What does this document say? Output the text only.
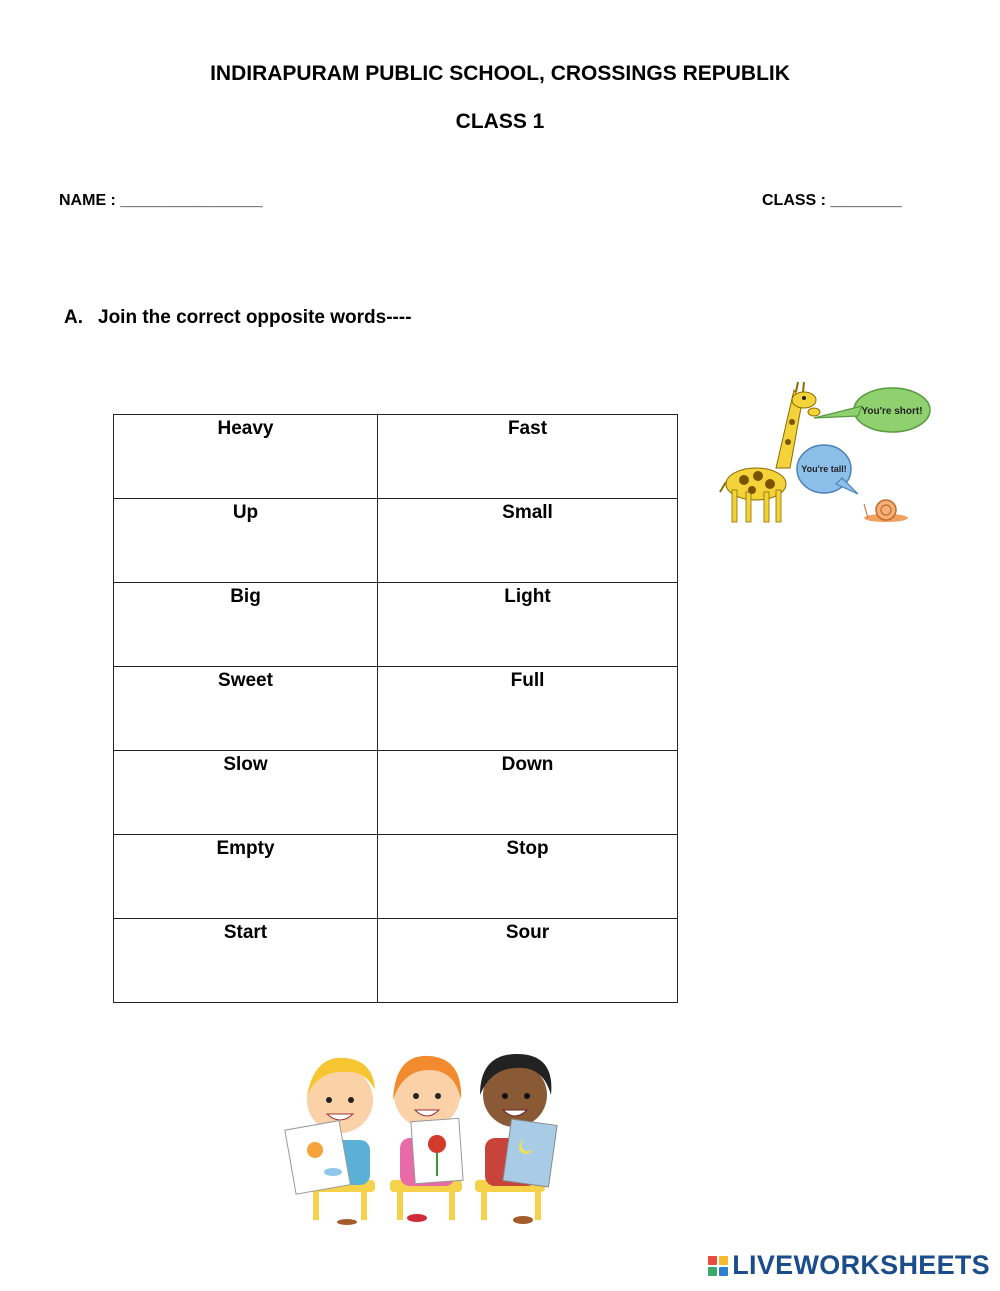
INDIRAPURAM PUBLIC SCHOOL, CROSSINGS REPUBLIK
CLASS 1
NAME : ________________	CLASS : ________
A. Join the correct opposite words----
Heavy	Fast

Up	Small

Big	Light

Sweet	Full

Slow	Down

Empty	Stop

Start	Sour
You're short!
You're tall!
LIVEWORKSHEETS
